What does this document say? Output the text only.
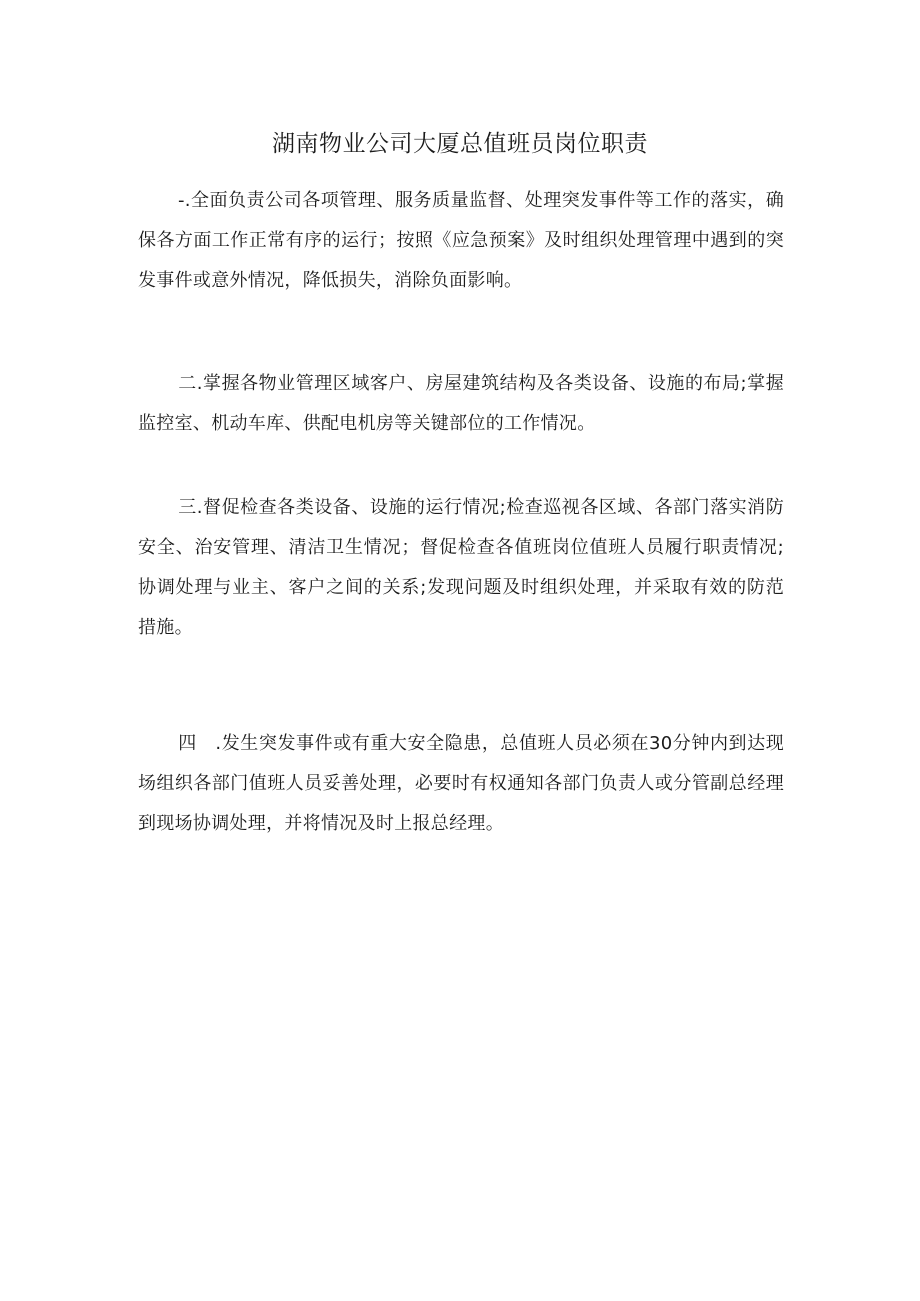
湖南物业公司大厦总值班员岗位职责
-.全面负责公司各项管理、服务质量监督、处理突发事件等工作的落实，确保各方面工作正常有序的运行；按照《应急预案》及时组织处理管理中遇到的突发事件或意外情况，降低损失，消除负面影响。
二.掌握各物业管理区域客户、房屋建筑结构及各类设备、设施的布局;掌握监控室、机动车库、供配电机房等关键部位的工作情况。
三.督促检查各类设备、设施的运行情况;检查巡视各区域、各部门落实消防安全、治安管理、清洁卫生情况；督促检查各值班岗位值班人员履行职责情况;协调处理与业主、客户之间的关系;发现问题及时组织处理，并采取有效的防范措施。
四　.发生突发事件或有重大安全隐患，总值班人员必须在30分钟内到达现场组织各部门值班人员妥善处理，必要时有权通知各部门负责人或分管副总经理到现场协调处理，并将情况及时上报总经理。
